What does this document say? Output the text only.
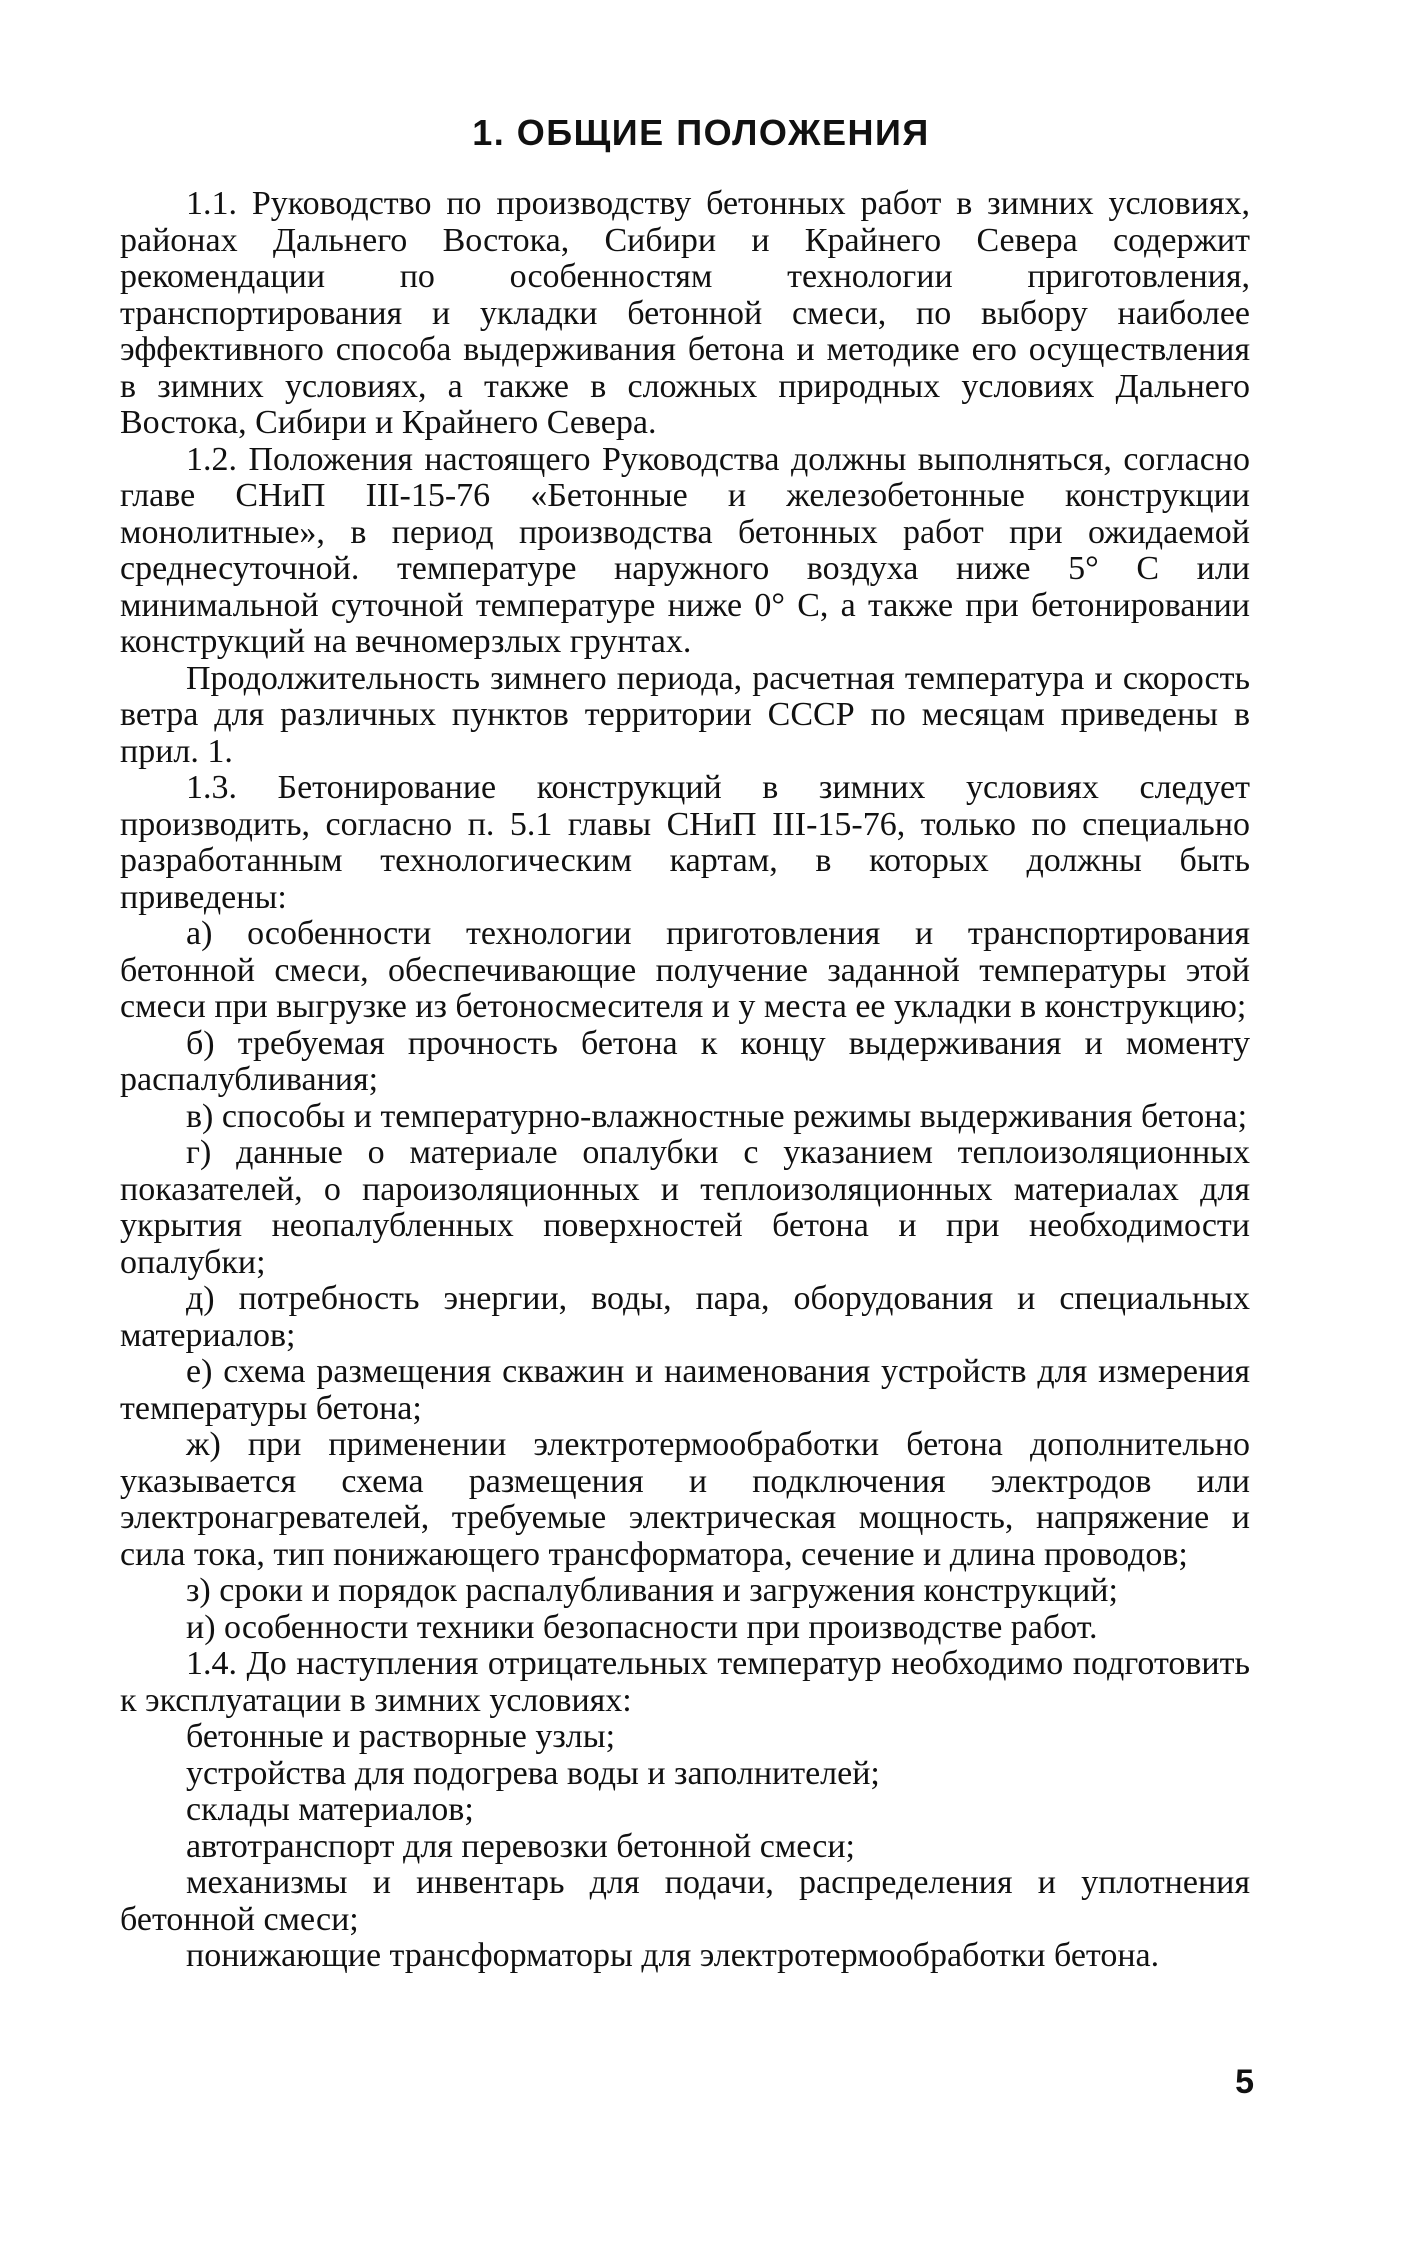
1. ОБЩИЕ ПОЛОЖЕНИЯ

1.1. Руководство по производству бетонных работ в зимних условиях, районах Дальнего Востока, Сибири и Крайнего Севера содержит рекомендации по особенностям технологии приготовления, транспортирования и укладки бетонной смеси, по выбору наиболее эффективного способа выдерживания бетона и методике его осуществления в зимних условиях, а также в сложных природных условиях Дальнего Востока, Сибири и Крайнего Севера.

1.2. Положения настоящего Руководства должны выполняться, согласно главе СНиП III-15-76 «Бетонные и железобетонные конструкции монолитные», в период производства бетонных работ при ожидаемой среднесуточной. температуре наружного воздуха ниже 5° С или минимальной суточной температуре ниже 0° С, а также при бетонировании конструкций на вечномерзлых грунтах.

Продолжительность зимнего периода, расчетная температура и скорость ветра для различных пунктов территории СССР по месяцам приведены в прил. 1.

1.3. Бетонирование конструкций в зимних условиях следует производить, согласно п. 5.1 главы СНиП III-15-76, только по специально разработанным технологическим картам, в которых должны быть приведены:

а) особенности технологии приготовления и транспортирования бетонной смеси, обеспечивающие получение заданной температуры этой смеси при выгрузке из бетоносмесителя и у места ее укладки в конструкцию;

б) требуемая прочность бетона к концу выдерживания и моменту распалубливания;

в) способы и температурно-влажностные режимы выдерживания бетона;

г) данные о материале опалубки с указанием теплоизоляционных показателей, о пароизоляционных и теплоизоляционных материалах для укрытия неопалубленных поверхностей бетона и при необходимости опалубки;

д) потребность энергии, воды, пара, оборудования и специальных материалов;

е) схема размещения скважин и наименования устройств для измерения температуры бетона;

ж) при применении электротермообработки бетона дополнительно указывается схема размещения и подключения электродов или электронагревателей, требуемые электрическая мощность, напряжение и сила тока, тип понижающего трансформатора, сечение и длина проводов;

з) сроки и порядок распалубливания и загружения конструкций;

и) особенности техники безопасности при производстве работ.

1.4. До наступления отрицательных температур необходимо подготовить к эксплуатации в зимних условиях:

бетонные и растворные узлы;

устройства для подогрева воды и заполнителей;

склады материалов;

автотранспорт для перевозки бетонной смеси;

механизмы и инвентарь для подачи, распределения и уплотнения бетонной смеси;

понижающие трансформаторы для электротермообработки бетона.

5
